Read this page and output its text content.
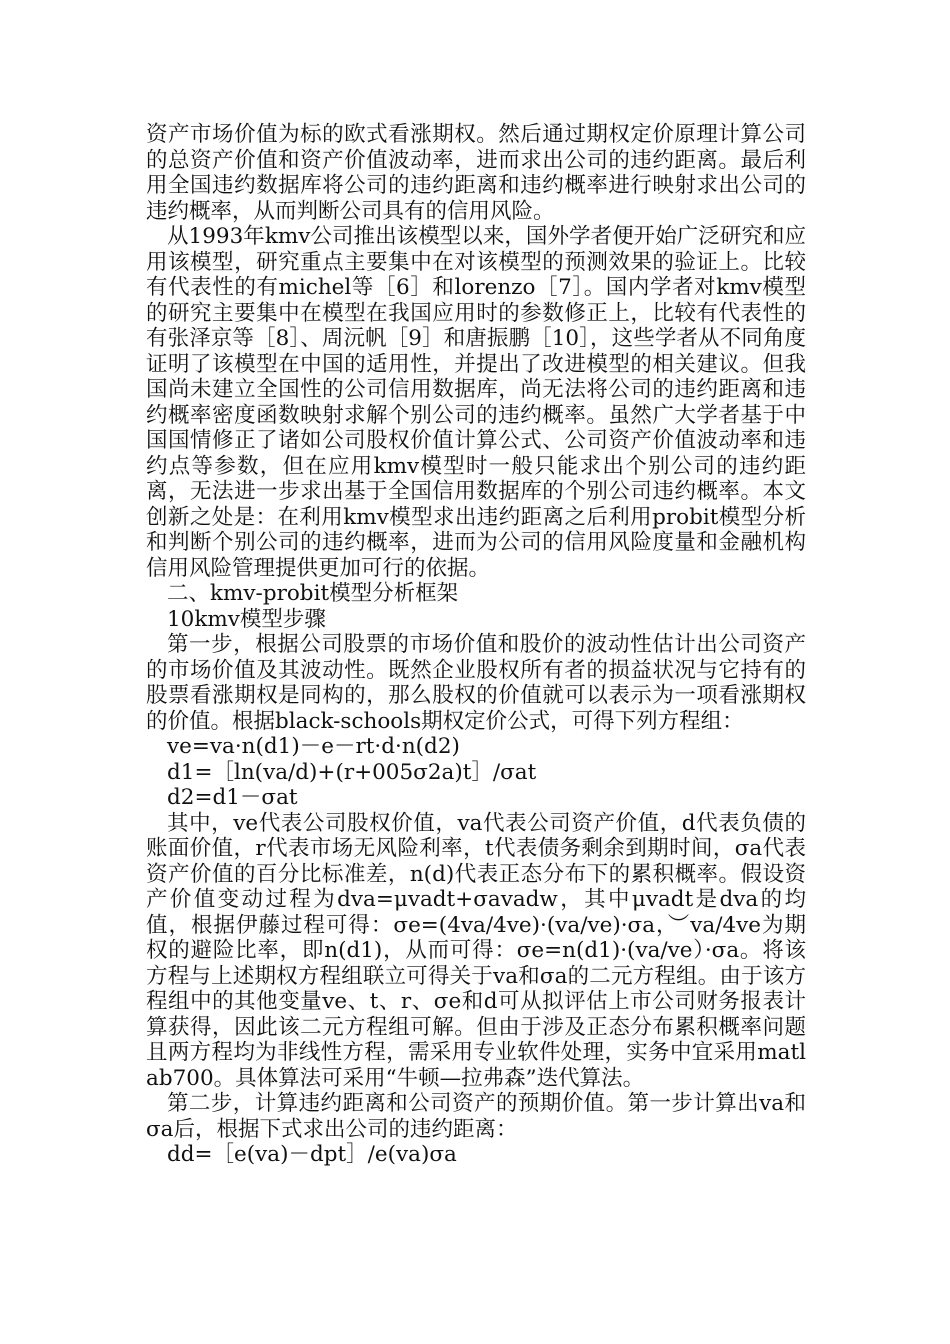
资产市场价值为标的欧式看涨期权。然后通过期权定价原理计算公司的总资产价值和资产价值波动率，进而求出公司的违约距离。最后利用全国违约数据库将公司的违约距离和违约概率进行映射求出公司的违约概率，从而判断公司具有的信用风险。

从1993年kmv公司推出该模型以来，国外学者便开始广泛研究和应用该模型，研究重点主要集中在对该模型的预测效果的验证上。比较有代表性的有michel等［6］和lorenzo［7］。国内学者对kmv模型的研究主要集中在模型在我国应用时的参数修正上，比较有代表性的有张泽京等［8］、周沅帆［9］和唐振鹏［10］，这些学者从不同角度证明了该模型在中国的适用性，并提出了改进模型的相关建议。但我国尚未建立全国性的公司信用数据库，尚无法将公司的违约距离和违约概率密度函数映射求解个别公司的违约概率。虽然广大学者基于中国国情修正了诸如公司股权价值计算公式、公司资产价值波动率和违约点等参数，但在应用kmv模型时一般只能求出个别公司的违约距离，无法进一步求出基于全国信用数据库的个别公司违约概率。本文创新之处是：在利用kmv模型求出违约距离之后利用probit模型分析和判断个别公司的违约概率，进而为公司的信用风险度量和金融机构信用风险管理提供更加可行的依据。

二、kmv-probit模型分析框架

10kmv模型步骤

第一步，根据公司股票的市场价值和股价的波动性估计出公司资产的市场价值及其波动性。既然企业股权所有者的损益状况与它持有的股票看涨期权是同构的，那么股权的价值就可以表示为一项看涨期权的价值。根据black-schools期权定价公式，可得下列方程组：

ve=va·n(d1)－e－rt·d·n(d2)

d1=［ln(va/d)+(r+005σ2a)t］/σat

d2=d1－σat

其中，ve代表公司股权价值，va代表公司资产价值，d代表负债的账面价值，r代表市场无风险利率，t代表债务剩余到期时间，σa代表资产价值的百分比标准差，n(d)代表正态分布下的累积概率。假设资产价值变动过程为dva=μvadt+σavadw，其中μvadt是dva的均值，根据伊藤过程可得：σe=(4va/4ve)·(va/ve)·σa，︶va/4ve为期权的避险比率，即n(d1)，从而可得：σe=n(d1)·(va/ve）·σa。将该方程与上述期权方程组联立可得关于va和σa的二元方程组。由于该方程组中的其他变量ve、t、r、σe和d可从拟评估上市公司财务报表计算获得，因此该二元方程组可解。但由于涉及正态分布累积概率问题且两方程均为非线性方程，需采用专业软件处理，实务中宜采用matlab700。具体算法可采用“牛顿—拉弗森”迭代算法。

第二步，计算违约距离和公司资产的预期价值。第一步计算出va和σa后，根据下式求出公司的违约距离：

dd=［e(va)－dpt］/e(va)σa
